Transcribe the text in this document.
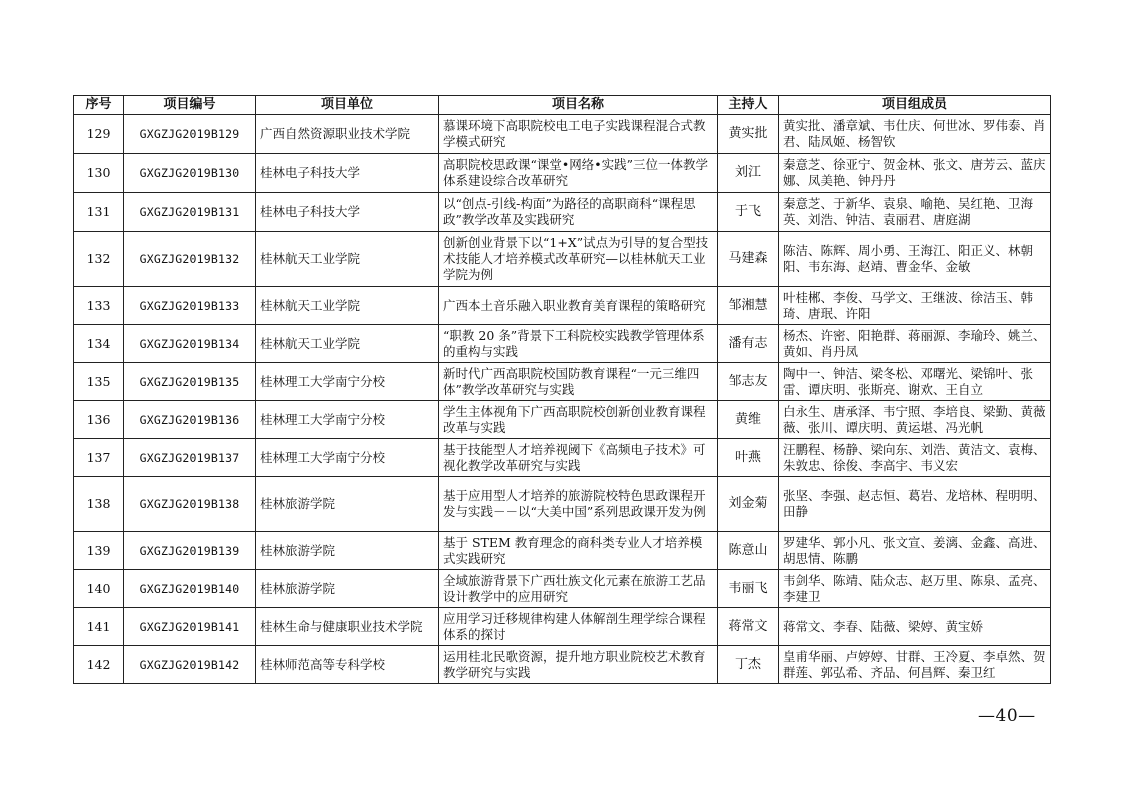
序号	项目编号	项目单位	项目名称	主持人	项目组成员
129	GXGZJG2019B129	广西自然资源职业技术学院	慕课环境下高职院校电工电子实践课程混合式教学模式研究	黄实批	黄实批、潘章斌、韦仕庆、何世冰、罗伟泰、肖君、陆凤姬、杨智钦
130	GXGZJG2019B130	桂林电子科技大学	高职院校思政课“课堂•网络•实践”三位一体教学体系建设综合改革研究	刘江	秦意芝、徐亚宁、贺金林、张文、唐芳云、蓝庆娜、凤美艳、钟丹丹
131	GXGZJG2019B131	桂林电子科技大学	以“创点-引线-构面”为路径的高职商科“课程思政”教学改革及实践研究	于飞	秦意芝、于新华、袁泉、喻艳、吴红艳、卫海英、刘浩、钟洁、袁丽君、唐庭湖
132	GXGZJG2019B132	桂林航天工业学院	创新创业背景下以“1+X”试点为引导的复合型技术技能人才培养模式改革研究—以桂林航天工业学院为例	马建森	陈洁、陈辉、周小勇、王海江、阳正义、林朝阳、韦东海、赵靖、曹金华、金敏
133	GXGZJG2019B133	桂林航天工业学院	广西本土音乐融入职业教育美育课程的策略研究	邹湘慧	叶桂郴、李俊、马学文、王继波、徐洁玉、韩琦、唐珉、许阳
134	GXGZJG2019B134	桂林航天工业学院	“职教 20 条”背景下工科院校实践教学管理体系的重构与实践	潘有志	杨杰、许密、阳艳群、蒋丽源、李瑜玲、姚兰、黄如、肖丹凤
135	GXGZJG2019B135	桂林理工大学南宁分校	新时代广西高职院校国防教育课程“一元三维四体”教学改革研究与实践	邹志友	陶中一、钟洁、梁冬松、邓曙光、梁锦叶、张雷、谭庆明、张斯亮、谢欢、王自立
136	GXGZJG2019B136	桂林理工大学南宁分校	学生主体视角下广西高职院校创新创业教育课程改革与实践	黄维	白永生、唐承泽、韦宁照、李培良、梁勤、黄薇薇、张川、谭庆明、黄运堪、冯光帆
137	GXGZJG2019B137	桂林理工大学南宁分校	基于技能型人才培养视阈下《高频电子技术》可视化教学改革研究与实践	叶燕	汪鹏程、杨静、梁向东、刘浩、黄洁文、袁梅、朱敦忠、徐俊、李高宇、韦义宏
138	GXGZJG2019B138	桂林旅游学院	基于应用型人才培养的旅游院校特色思政课程开发与实践－－以“大美中国”系列思政课开发为例	刘金菊	张坚、李强、赵志恒、葛岩、龙培林、程明明、田静
139	GXGZJG2019B139	桂林旅游学院	基于 STEM 教育理念的商科类专业人才培养模式实践研究	陈意山	罗建华、郭小凡、张文宣、姜漓、金鑫、高进、胡思情、陈鹏
140	GXGZJG2019B140	桂林旅游学院	全域旅游背景下广西壮族文化元素在旅游工艺品设计教学中的应用研究	韦丽飞	韦剑华、陈靖、陆众志、赵万里、陈泉、孟亮、李建卫
141	GXGZJG2019B141	桂林生命与健康职业技术学院	应用学习迁移规律构建人体解剖生理学综合课程体系的探讨	蒋常文	蒋常文、李春、陆薇、梁婷、黄宝娇
142	GXGZJG2019B142	桂林师范高等专科学校	运用桂北民歌资源，提升地方职业院校艺术教育教学研究与实践	丁杰	皇甫华丽、卢婷婷、甘群、王冷夏、李卓然、贺群莲、郭弘希、齐品、何昌辉、秦卫红
—40—
